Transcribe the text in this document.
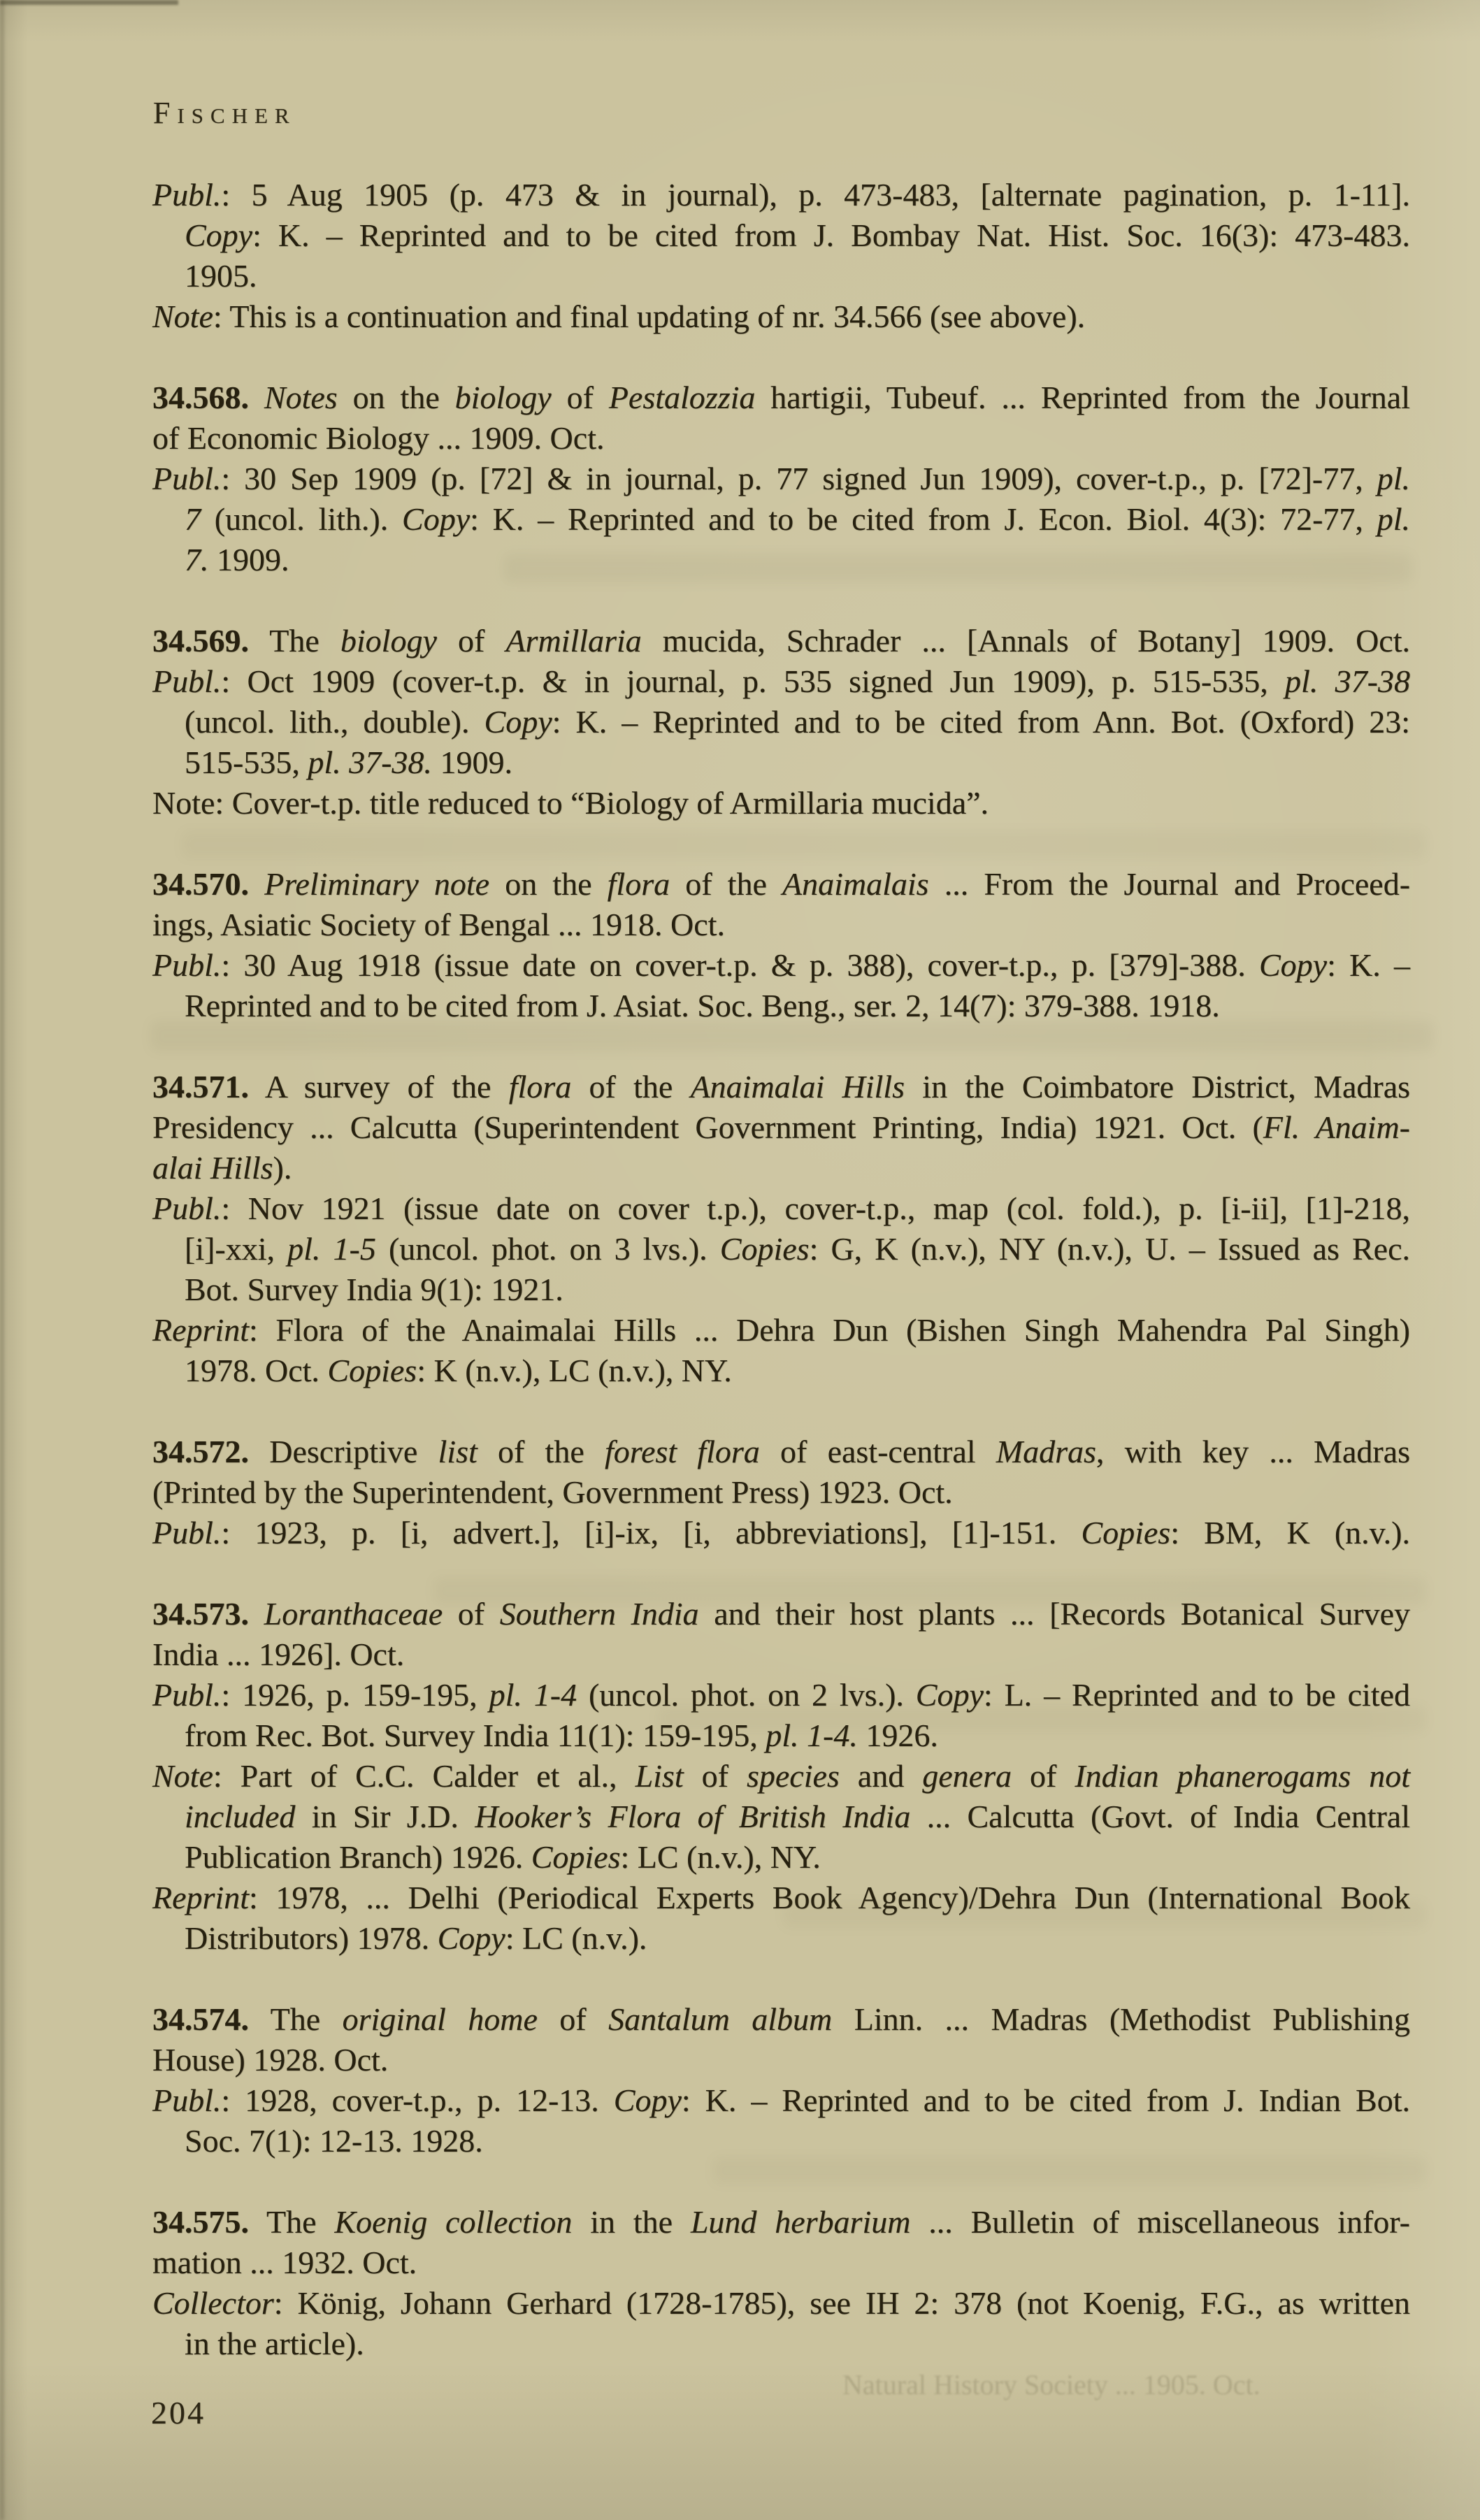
Fischer
Publ.: 5 Aug 1905 (p. 473 & in journal), p. 473-483, [alternate pagination, p. 1-11].
Copy: K. – Reprinted and to be cited from J. Bombay Nat. Hist. Soc. 16(3): 473-483.
1905.
Note: This is a continuation and final updating of nr. 34.566 (see above).
34.568. Notes on the biology of Pestalozzia hartigii, Tubeuf. ... Reprinted from the Journal
of Economic Biology ... 1909. Oct.
Publ.: 30 Sep 1909 (p. [72] & in journal, p. 77 signed Jun 1909), cover-t.p., p. [72]-77, pl.
7 (uncol. lith.). Copy: K. – Reprinted and to be cited from J. Econ. Biol. 4(3): 72-77, pl.
7. 1909.
34.569. The biology of Armillaria mucida, Schrader ... [Annals of Botany] 1909. Oct.
Publ.: Oct 1909 (cover-t.p. & in journal, p. 535 signed Jun 1909), p. 515-535, pl. 37-38
(uncol. lith., double). Copy: K. – Reprinted and to be cited from Ann. Bot. (Oxford) 23:
515-535, pl. 37-38. 1909.
Note: Cover-t.p. title reduced to “Biology of Armillaria mucida”.
34.570. Preliminary note on the flora of the Anaimalais ... From the Journal and Proceed-
ings, Asiatic Society of Bengal ... 1918. Oct.
Publ.: 30 Aug 1918 (issue date on cover-t.p. & p. 388), cover-t.p., p. [379]-388. Copy: K. –
Reprinted and to be cited from J. Asiat. Soc. Beng., ser. 2, 14(7): 379-388. 1918.
34.571. A survey of the flora of the Anaimalai Hills in the Coimbatore District, Madras
Presidency ... Calcutta (Superintendent Government Printing, India) 1921. Oct. (Fl. Anaim-
alai Hills).
Publ.: Nov 1921 (issue date on cover t.p.), cover-t.p., map (col. fold.), p. [i-ii], [1]-218,
[i]-xxi, pl. 1-5 (uncol. phot. on 3 lvs.). Copies: G, K (n.v.), NY (n.v.), U. – Issued as Rec.
Bot. Survey India 9(1): 1921.
Reprint: Flora of the Anaimalai Hills ... Dehra Dun (Bishen Singh Mahendra Pal Singh)
1978. Oct. Copies: K (n.v.), LC (n.v.), NY.
34.572. Descriptive list of the forest flora of east-central Madras, with key ... Madras
(Printed by the Superintendent, Government Press) 1923. Oct.
Publ.: 1923, p. [i, advert.], [i]-ix, [i, abbreviations], [1]-151. Copies: BM, K (n.v.).
34.573. Loranthaceae of Southern India and their host plants ... [Records Botanical Survey
India ... 1926]. Oct.
Publ.: 1926, p. 159-195, pl. 1-4 (uncol. phot. on 2 lvs.). Copy: L. – Reprinted and to be cited
from Rec. Bot. Survey India 11(1): 159-195, pl. 1-4. 1926.
Note: Part of C.C. Calder et al., List of species and genera of Indian phanerogams not
included in Sir J.D. Hooker’s Flora of British India ... Calcutta (Govt. of India Central
Publication Branch) 1926. Copies: LC (n.v.), NY.
Reprint: 1978, ... Delhi (Periodical Experts Book Agency)/Dehra Dun (International Book
Distributors) 1978. Copy: LC (n.v.).
34.574. The original home of Santalum album Linn. ... Madras (Methodist Publishing
House) 1928. Oct.
Publ.: 1928, cover-t.p., p. 12-13. Copy: K. – Reprinted and to be cited from J. Indian Bot.
Soc. 7(1): 12-13. 1928.
34.575. The Koenig collection in the Lund herbarium ... Bulletin of miscellaneous infor-
mation ... 1932. Oct.
Collector: König, Johann Gerhard (1728-1785), see IH 2: 378 (not Koenig, F.G., as written
in the article).
204
Natural History Society ... 1905. Oct.
